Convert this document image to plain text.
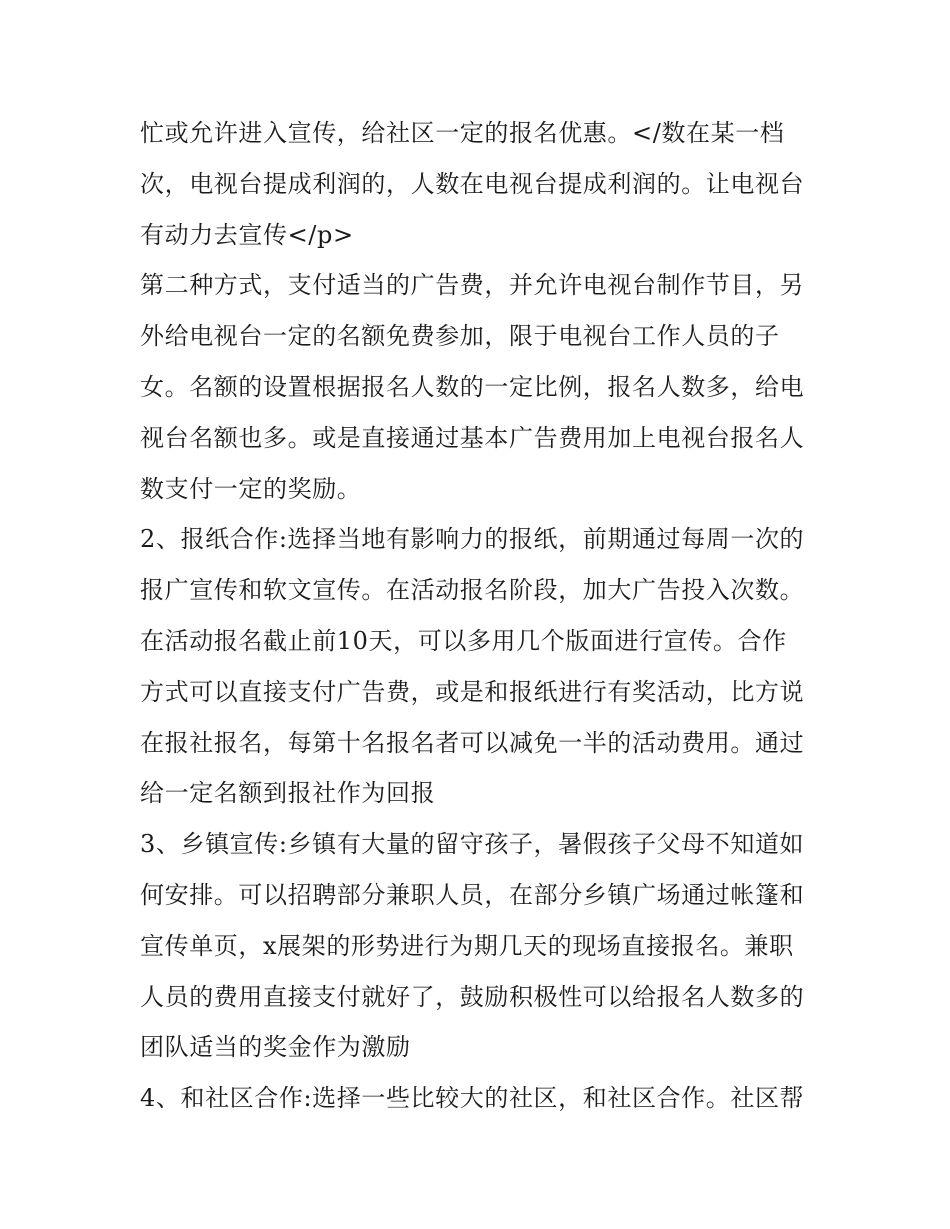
忙或允许进入宣传，给社区一定的报名优惠。</数在某一档
次，电视台提成利润的，人数在电视台提成利润的。让电视台
有动力去宣传</p>
第二种方式，支付适当的广告费，并允许电视台制作节目，另
外给电视台一定的名额免费参加，限于电视台工作人员的子
女。名额的设置根据报名人数的一定比例，报名人数多，给电
视台名额也多。或是直接通过基本广告费用加上电视台报名人
数支付一定的奖励。
2、报纸合作:选择当地有影响力的报纸，前期通过每周一次的
报广宣传和软文宣传。在活动报名阶段，加大广告投入次数。
在活动报名截止前10天，可以多用几个版面进行宣传。合作
方式可以直接支付广告费，或是和报纸进行有奖活动，比方说
在报社报名，每第十名报名者可以减免一半的活动费用。通过
给一定名额到报社作为回报
3、乡镇宣传:乡镇有大量的留守孩子，暑假孩子父母不知道如
何安排。可以招聘部分兼职人员，在部分乡镇广场通过帐篷和
宣传单页，x展架的形势进行为期几天的现场直接报名。兼职
人员的费用直接支付就好了，鼓励积极性可以给报名人数多的
团队适当的奖金作为激励
4、和社区合作:选择一些比较大的社区，和社区合作。社区帮
